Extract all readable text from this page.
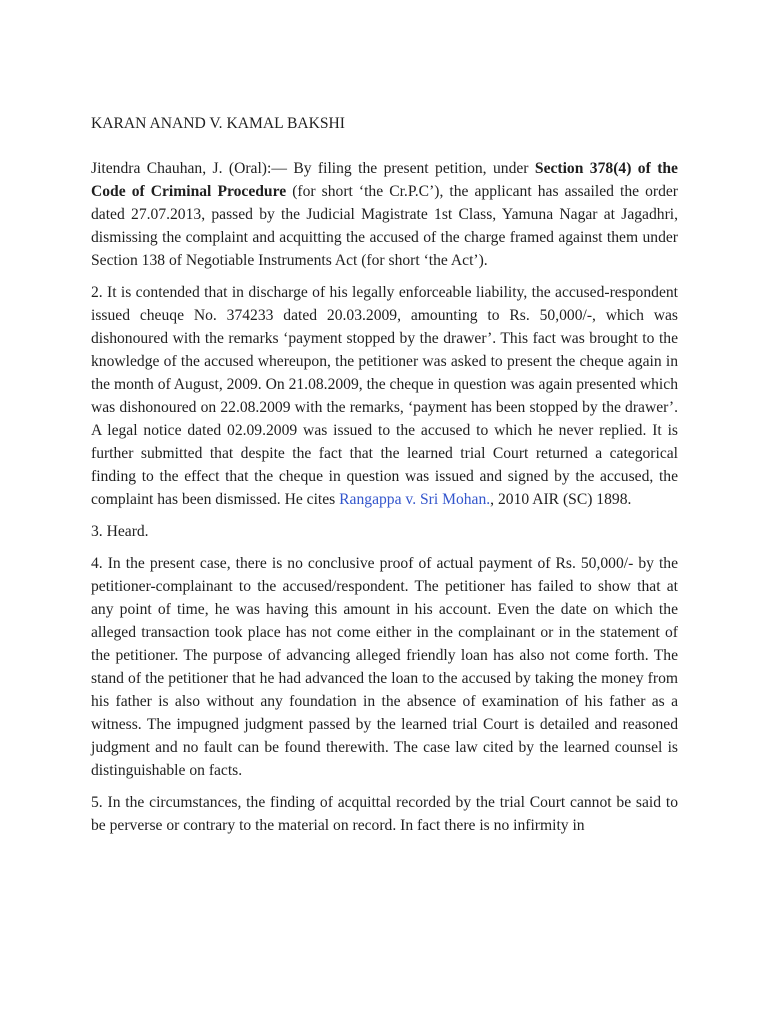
KARAN ANAND V. KAMAL BAKSHI

Jitendra Chauhan, J. (Oral):— By filing the present petition, under Section 378(4) of the Code of Criminal Procedure (for short ‘the Cr.P.C’), the applicant has assailed the order dated 27.07.2013, passed by the Judicial Magistrate 1st Class, Yamuna Nagar at Jagadhri, dismissing the complaint and acquitting the accused of the charge framed against them under Section 138 of Negotiable Instruments Act (for short ‘the Act’).

2. It is contended that in discharge of his legally enforceable liability, the accused-respondent issued cheuqe No. 374233 dated 20.03.2009, amounting to Rs. 50,000/-, which was dishonoured with the remarks ‘payment stopped by the drawer’. This fact was brought to the knowledge of the accused whereupon, the petitioner was asked to present the cheque again in the month of August, 2009. On 21.08.2009, the cheque in question was again presented which was dishonoured on 22.08.2009 with the remarks, ‘payment has been stopped by the drawer’. A legal notice dated 02.09.2009 was issued to the accused to which he never replied. It is further submitted that despite the fact that the learned trial Court returned a categorical finding to the effect that the cheque in question was issued and signed by the accused, the complaint has been dismissed. He cites Rangappa v. Sri Mohan., 2010 AIR (SC) 1898.

3. Heard.

4. In the present case, there is no conclusive proof of actual payment of Rs. 50,000/- by the petitioner-complainant to the accused/respondent. The petitioner has failed to show that at any point of time, he was having this amount in his account. Even the date on which the alleged transaction took place has not come either in the complainant or in the statement of the petitioner. The purpose of advancing alleged friendly loan has also not come forth. The stand of the petitioner that he had advanced the loan to the accused by taking the money from his father is also without any foundation in the absence of examination of his father as a witness. The impugned judgment passed by the learned trial Court is detailed and reasoned judgment and no fault can be found therewith. The case law cited by the learned counsel is distinguishable on facts.

5. In the circumstances, the finding of acquittal recorded by the trial Court cannot be said to be perverse or contrary to the material on record. In fact there is no infirmity in
